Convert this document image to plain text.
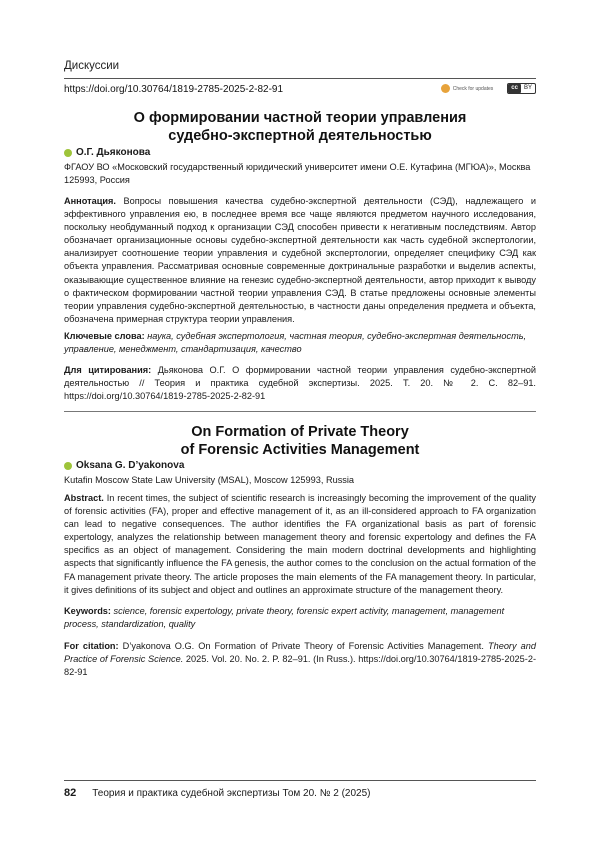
Дискуссии
https://doi.org/10.30764/1819-2785-2025-2-82-91	Check for updates	cc	BY
О формировании частной теории управления
судебно-экспертной деятельностью
О.Г. Дьяконова
ФГАОУ ВО «Московский государственный юридический университет имени О.Е. Кутафина (МГЮА)», Москва 125993, Россия
Аннотация. Вопросы повышения качества судебно-экспертной деятельности (СЭД), надлежащего и эффективного управления ею, в последнее время все чаще являются предметом научного исследования, поскольку необдуманный подход к организации СЭД способен привести к негативным последствиям. Автор обозначает организационные основы судебно-экспертной деятельности как часть судебной экспертологии, анализирует соотношение теории управления и судебной экспертологии, определяет специфику СЭД как объекта управления. Рассматривая основные современные доктринальные разработки и выделив аспекты, оказывающие существенное влияние на генезис судебно-экспертной деятельности, автор приходит к выводу о фактическом формировании частной теории управления СЭД. В статье предложены основные элементы теории управления судебно-экспертной деятельностью, в частности даны определения предмета и объекта, обозначена примерная структура теории управления.
Ключевые слова: наука, судебная экспертология, частная теория, судебно-экспертная деятельность, управление, менеджмент, стандартизация, качество
Для цитирования: Дьяконова О.Г. О формировании частной теории управления судебно-экспертной деятельностью // Теория и практика судебной экспертизы. 2025. Т. 20. № 2. С. 82–91. https://doi.org/10.30764/1819-2785-2025-2-82-91
On Formation of Private Theory
of Forensic Activities Management
Oksana G. D’yakonova
Kutafin Moscow State Law University (MSAL), Moscow 125993, Russia
Abstract. In recent times, the subject of scientific research is increasingly becoming the improvement of the quality of forensic activities (FA), proper and effective management of it, as an ill-considered approach to FA organization can lead to negative consequences. The author identifies the FA organizational basis as part of forensic expertology, analyzes the relationship between management theory and forensic expertology and defines the FA specifics as an object of management. Considering the main modern doctrinal developments and highlighting aspects that significantly influence the FA genesis, the author comes to the conclusion on the actual formation of the FA management private theory. The article proposes the main elements of the FA management theory. In particular, it gives definitions of its subject and object and outlines an approximate structure of the management theory.
Keywords: science, forensic expertology, private theory, forensic expert activity, management, management process, standardization, quality
For citation: D’yakonova O.G. On Formation of Private Theory of Forensic Activities Management. Theory and Practice of Forensic Science. 2025. Vol. 20. No. 2. P. 82–91. (In Russ.). https://doi.org/10.30764/1819-2785-2025-2-82-91
82 Теория и практика судебной экспертизы Том 20. № 2 (2025)
